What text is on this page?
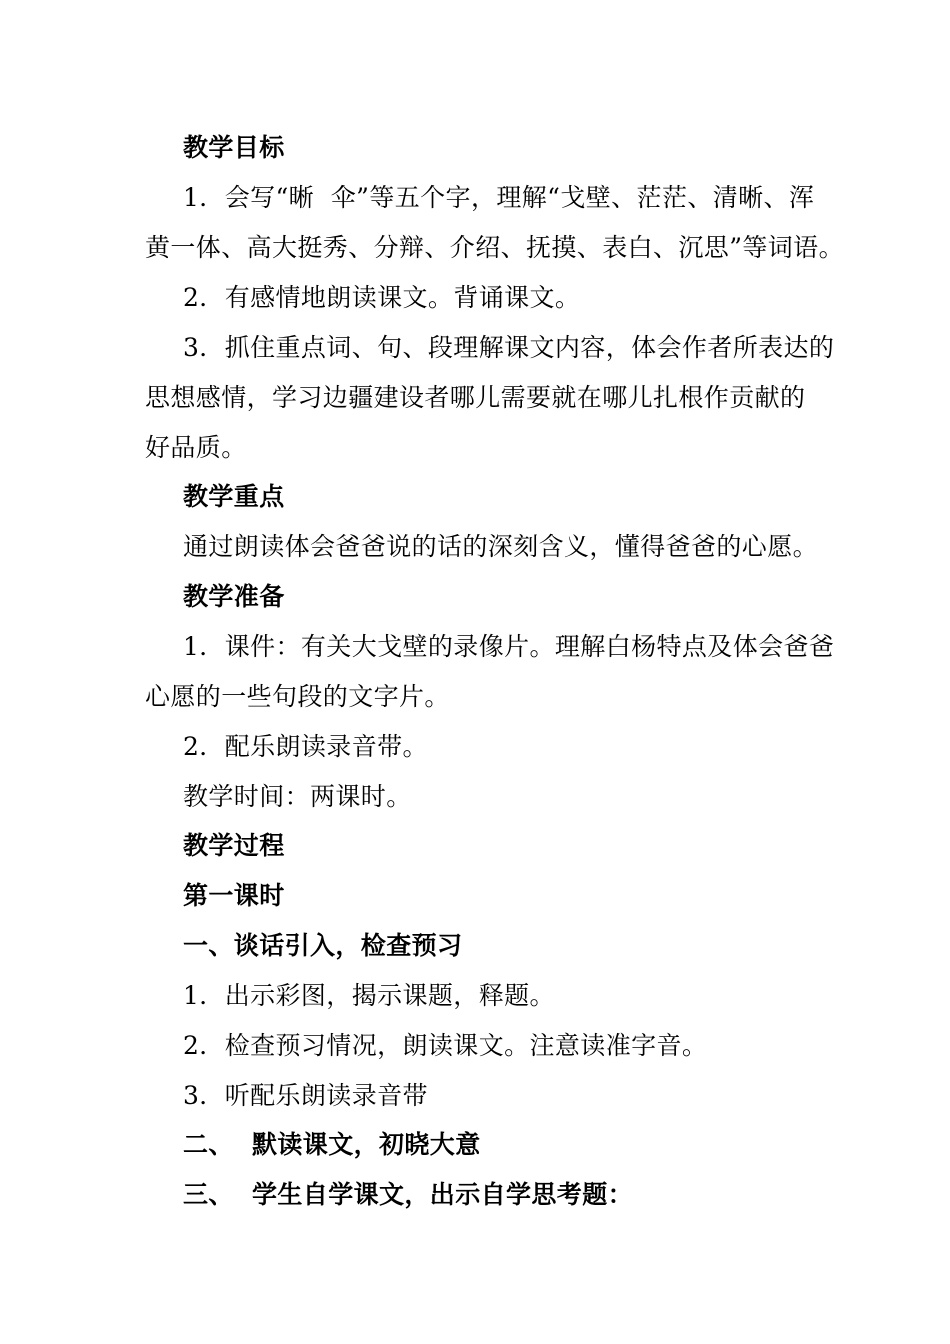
教学目标
1．会写“晰  伞”等五个字，理解“戈壁、茫茫、清晰、浑
黄一体、高大挺秀、分辩、介绍、抚摸、表白、沉思”等词语。
2．有感情地朗读课文。背诵课文。
3．抓住重点词、句、段理解课文内容，体会作者所表达的
思想感情，学习边疆建设者哪儿需要就在哪儿扎根作贡献的
好品质。
教学重点
通过朗读体会爸爸说的话的深刻含义，懂得爸爸的心愿。
教学准备
1．课件：有关大戈壁的录像片。理解白杨特点及体会爸爸
心愿的一些句段的文字片。
2．配乐朗读录音带。
教学时间：两课时。
教学过程
第一课时
一、谈话引入，检查预习
1．出示彩图，揭示课题，释题。
2．检查预习情况，朗读课文。注意读准字音。
3．听配乐朗读录音带
二、  默读课文，初晓大意
三、  学生自学课文，出示自学思考题：
